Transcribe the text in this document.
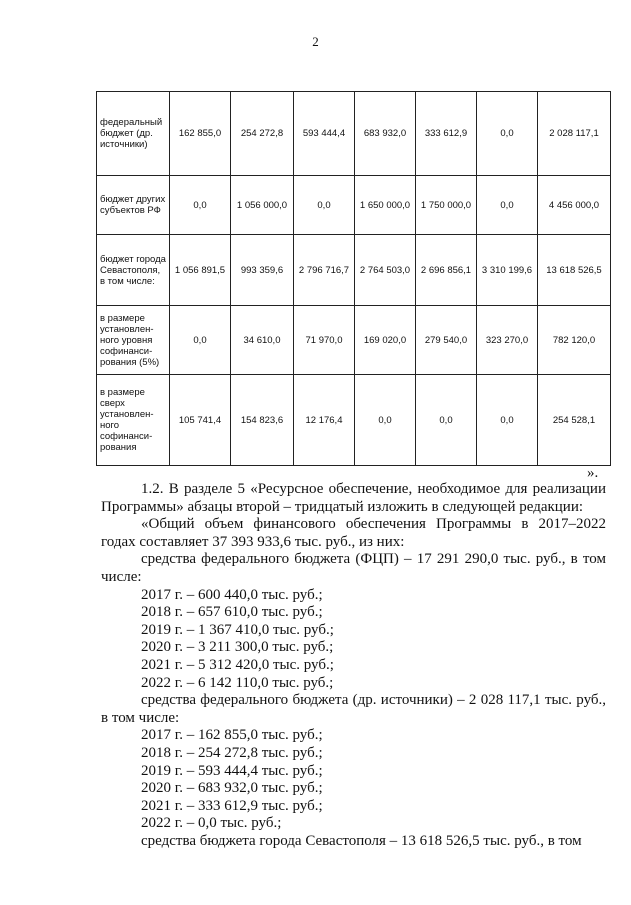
2
федеральный бюджет (др. источники)	162 855,0	254 272,8	593 444,4	683 932,0	333 612,9	0,0	2 028 117,1
бюджет других субъектов РФ	0,0	1 056 000,0	0,0	1 650 000,0	1 750 000,0	0,0	4 456 000,0
бюджет города Севастополя, в том числе:	1 056 891,5	993 359,6	2 796 716,7	2 764 503,0	2 696 856,1	3 310 199,6	13 618 526,5
в размере установлен-ного уровня софинанси-рования (5%)	0,0	34 610,0	71 970,0	169 020,0	279 540,0	323 270,0	782 120,0
в размере сверх установлен-ного софинанси-рования	105 741,4	154 823,6	12 176,4	0,0	0,0	0,0	254 528,1
».

1.2. В разделе 5 «Ресурсное обеспечение, необходимое для реализации Программы» абзацы второй – тридцатый изложить в следующей редакции:

«Общий объем финансового обеспечения Программы в 2017–2022 годах составляет 37 393 933,6 тыс. руб., из них:

средства федерального бюджета (ФЦП) – 17 291 290,0 тыс. руб., в том числе:

2017 г. – 600 440,0 тыс. руб.;

2018 г. – 657 610,0 тыс. руб.;

2019 г. – 1 367 410,0 тыс. руб.;

2020 г. – 3 211 300,0 тыс. руб.;

2021 г. – 5 312 420,0 тыс. руб.;

2022 г. – 6 142 110,0 тыс. руб.;

средства федерального бюджета (др. источники) – 2 028 117,1 тыс. руб., в том числе:

2017 г. – 162 855,0 тыс. руб.;

2018 г. – 254 272,8 тыс. руб.;

2019 г. – 593 444,4 тыс. руб.;

2020 г. – 683 932,0 тыс. руб.;

2021 г. – 333 612,9 тыс. руб.;

2022 г. – 0,0 тыс. руб.;

средства бюджета города Севастополя – 13 618 526,5 тыс. руб., в том
